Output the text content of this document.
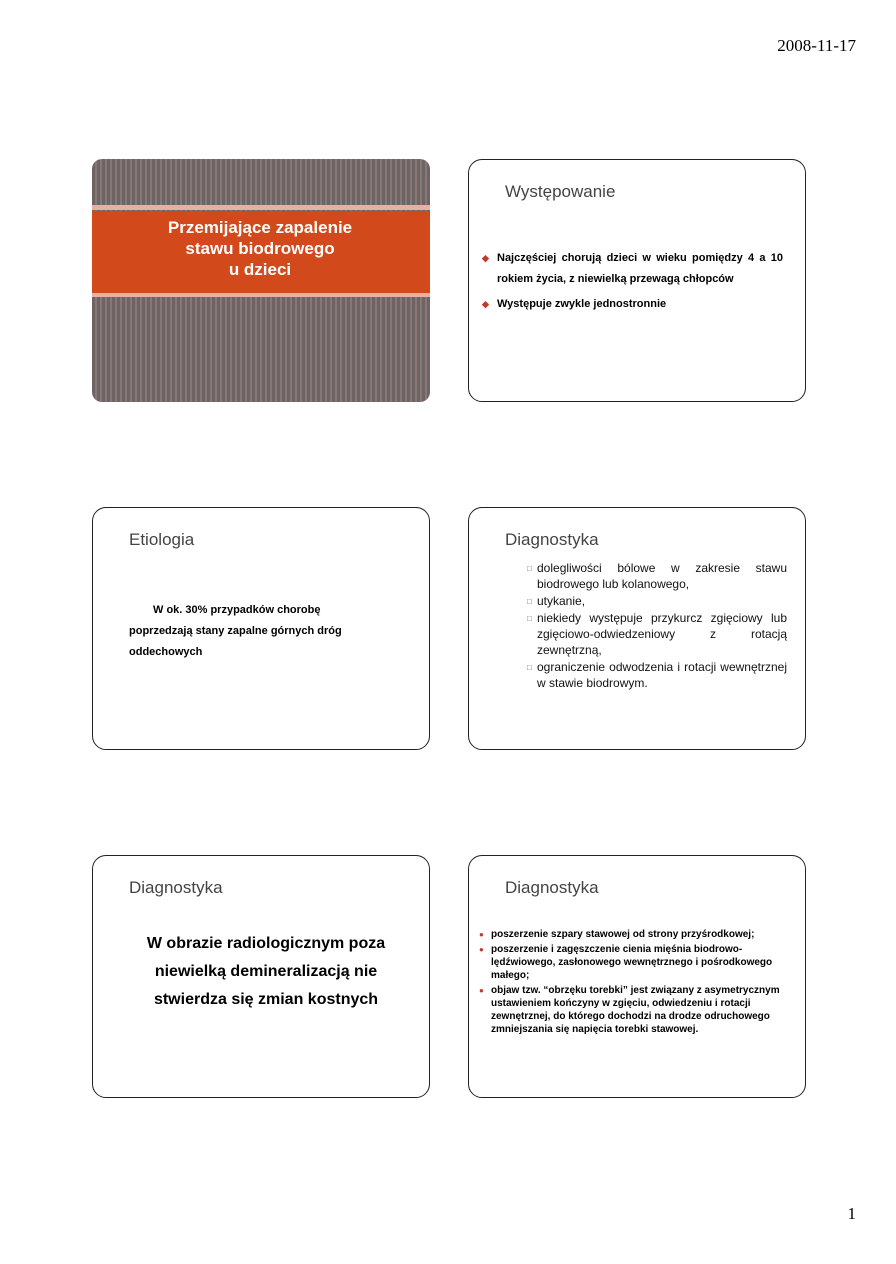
2008-11-17
Przemijające zapalenie
stawu biodrowego
u dzieci
Występowanie
◆ Najczęściej chorują dzieci w wieku pomiędzy 4 a 10 rokiem życia, z niewielką przewagą chłopców
◆ Występuje zwykle jednostronnie
Etiologia
W ok. 30% przypadków chorobę
poprzedzają stany zapalne górnych dróg
oddechowych
Diagnostyka
□ dolegliwości bólowe w zakresie stawu biodrowego lub kolanowego,
□ utykanie,
□ niekiedy występuje przykurcz zgięciowy lub zgięciowo-odwiedzeniowy z rotacją zewnętrzną,
□ ograniczenie odwodzenia i rotacji wewnętrznej w stawie biodrowym.
Diagnostyka
W obrazie radiologicznym poza
niewielką demineralizacją nie
stwierdza się zmian kostnych
Diagnostyka
● poszerzenie szpary stawowej od strony przyśrodkowej;
● poszerzenie i zagęszczenie cienia mięśnia biodrowo-lędźwiowego, zasłonowego wewnętrznego i pośrodkowego małego;
● objaw tzw. “obrzęku torebki” jest związany z asymetrycznym ustawieniem kończyny w zgięciu, odwiedzeniu i rotacji zewnętrznej, do którego dochodzi na drodze odruchowego zmniejszania się napięcia torebki stawowej.
1
